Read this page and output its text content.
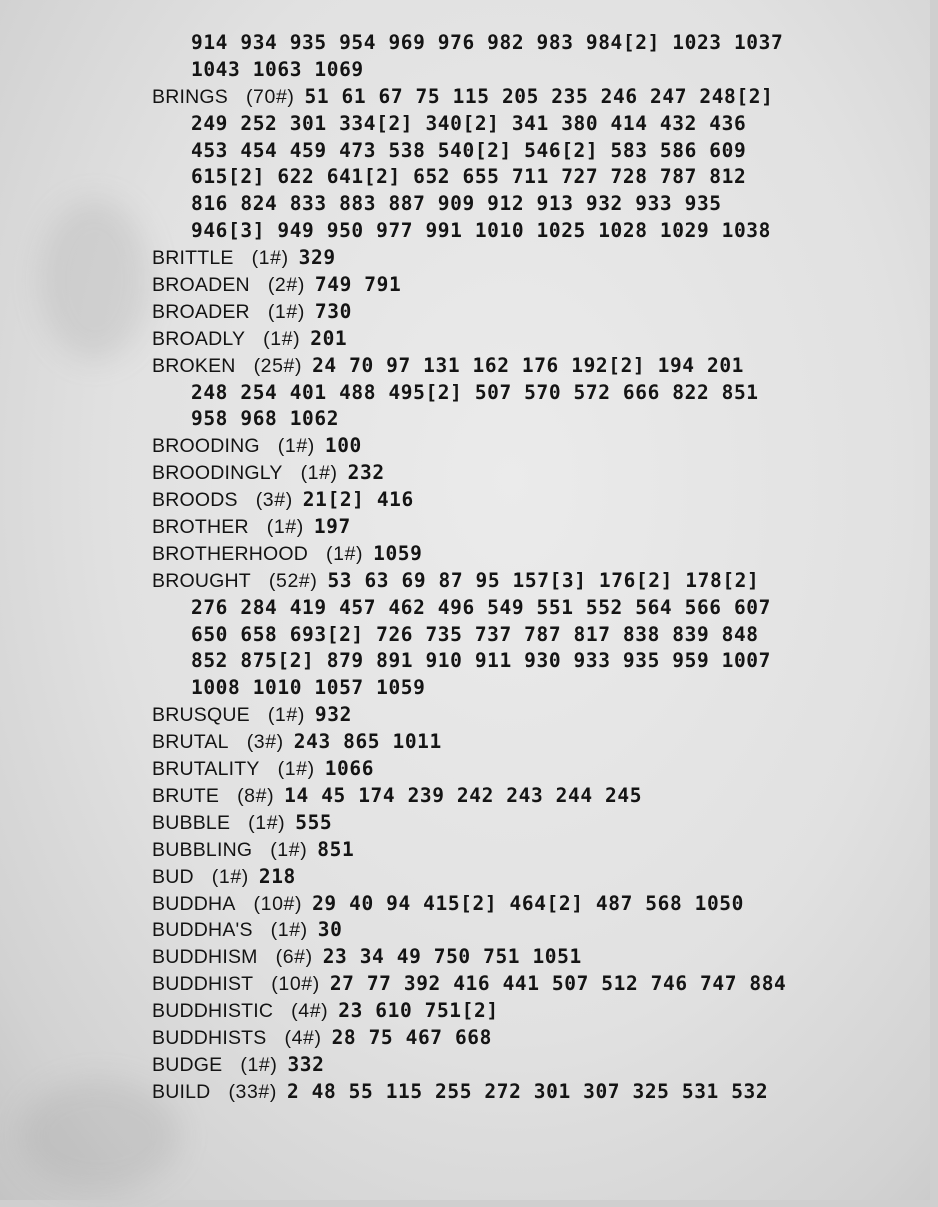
914 934 935 954 969 976 982 983 984[2] 1023 1037
1043 1063 1069
BRINGS (70#) 51 61 67 75 115 205 235 246 247 248[2]
249 252 301 334[2] 340[2] 341 380 414 432 436
453 454 459 473 538 540[2] 546[2] 583 586 609
615[2] 622 641[2] 652 655 711 727 728 787 812
816 824 833 883 887 909 912 913 932 933 935
946[3] 949 950 977 991 1010 1025 1028 1029 1038
BRITTLE (1#) 329
BROADEN (2#) 749 791
BROADER (1#) 730
BROADLY (1#) 201
BROKEN (25#) 24 70 97 131 162 176 192[2] 194 201
248 254 401 488 495[2] 507 570 572 666 822 851
958 968 1062
BROODING (1#) 100
BROODINGLY (1#) 232
BROODS (3#) 21[2] 416
BROTHER (1#) 197
BROTHERHOOD (1#) 1059
BROUGHT (52#) 53 63 69 87 95 157[3] 176[2] 178[2]
276 284 419 457 462 496 549 551 552 564 566 607
650 658 693[2] 726 735 737 787 817 838 839 848
852 875[2] 879 891 910 911 930 933 935 959 1007
1008 1010 1057 1059
BRUSQUE (1#) 932
BRUTAL (3#) 243 865 1011
BRUTALITY (1#) 1066
BRUTE (8#) 14 45 174 239 242 243 244 245
BUBBLE (1#) 555
BUBBLING (1#) 851
BUD (1#) 218
BUDDHA (10#) 29 40 94 415[2] 464[2] 487 568 1050
BUDDHA'S (1#) 30
BUDDHISM (6#) 23 34 49 750 751 1051
BUDDHIST (10#) 27 77 392 416 441 507 512 746 747 884
BUDDHISTIC (4#) 23 610 751[2]
BUDDHISTS (4#) 28 75 467 668
BUDGE (1#) 332
BUILD (33#) 2 48 55 115 255 272 301 307 325 531 532
